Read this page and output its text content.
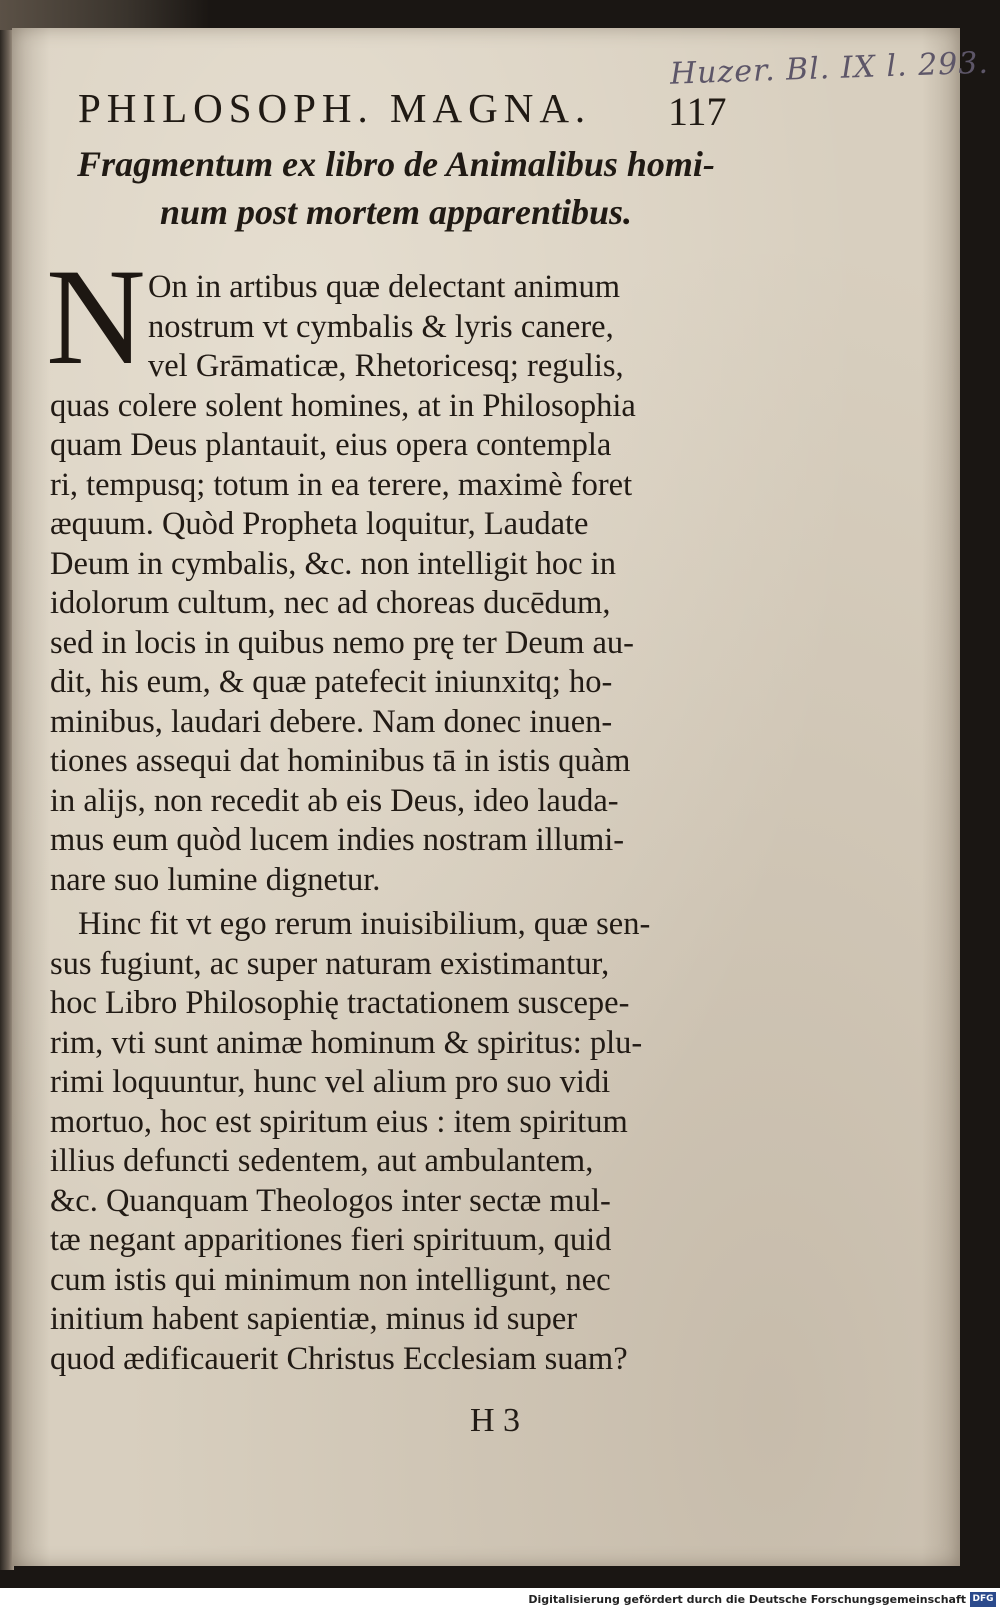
Huzer. Bl. IX l. 293.
PHILOSOPH. MAGNA.	117
Fragmentum ex libro de Animalibus homi-
num post mortem apparentibus.
N On in artibus quæ delectant animum
nostrum vt cymbalis & lyris canere,
vel Grāmaticæ, Rhetoricesq; regulis,
quas colere solent homines, at in Philosophia
quam Deus plantauit, eius opera contempla
ri, tempusq; totum in ea terere, maximè foret
æquum. Quòd Propheta loquitur, Laudate
Deum in cymbalis, &c. non intelligit hoc in
idolorum cultum, nec ad choreas ducēdum,
sed in locis in quibus nemo prę ter Deum au-
dit, his eum, & quæ patefecit iniunxitq; ho-
minibus, laudari debere. Nam donec inuen-
tiones assequi dat hominibus tā in istis quàm
in alijs, non recedit ab eis Deus, ideo lauda-
mus eum quòd lucem indies nostram illumi-
nare suo lumine dignetur.
Hinc fit vt ego rerum inuisibilium, quæ sen-
sus fugiunt, ac super naturam existimantur,
hoc Libro Philosophię tractationem suscepe-
rim, vti sunt animæ hominum & spiritus: plu-
rimi loquuntur, hunc vel alium pro suo vidi
mortuo, hoc est spiritum eius : item spiritum
illius defuncti sedentem, aut ambulantem,
&c. Quanquam Theologos inter sectæ mul-
tæ negant apparitiones fieri spirituum, quid
cum istis qui minimum non intelligunt, nec
initium habent sapientiæ, minus id super
quod ædificauerit Christus Ecclesiam suam?
H 3
Digitalisierung gefördert durch die Deutsche Forschungsgemeinschaft DFG
